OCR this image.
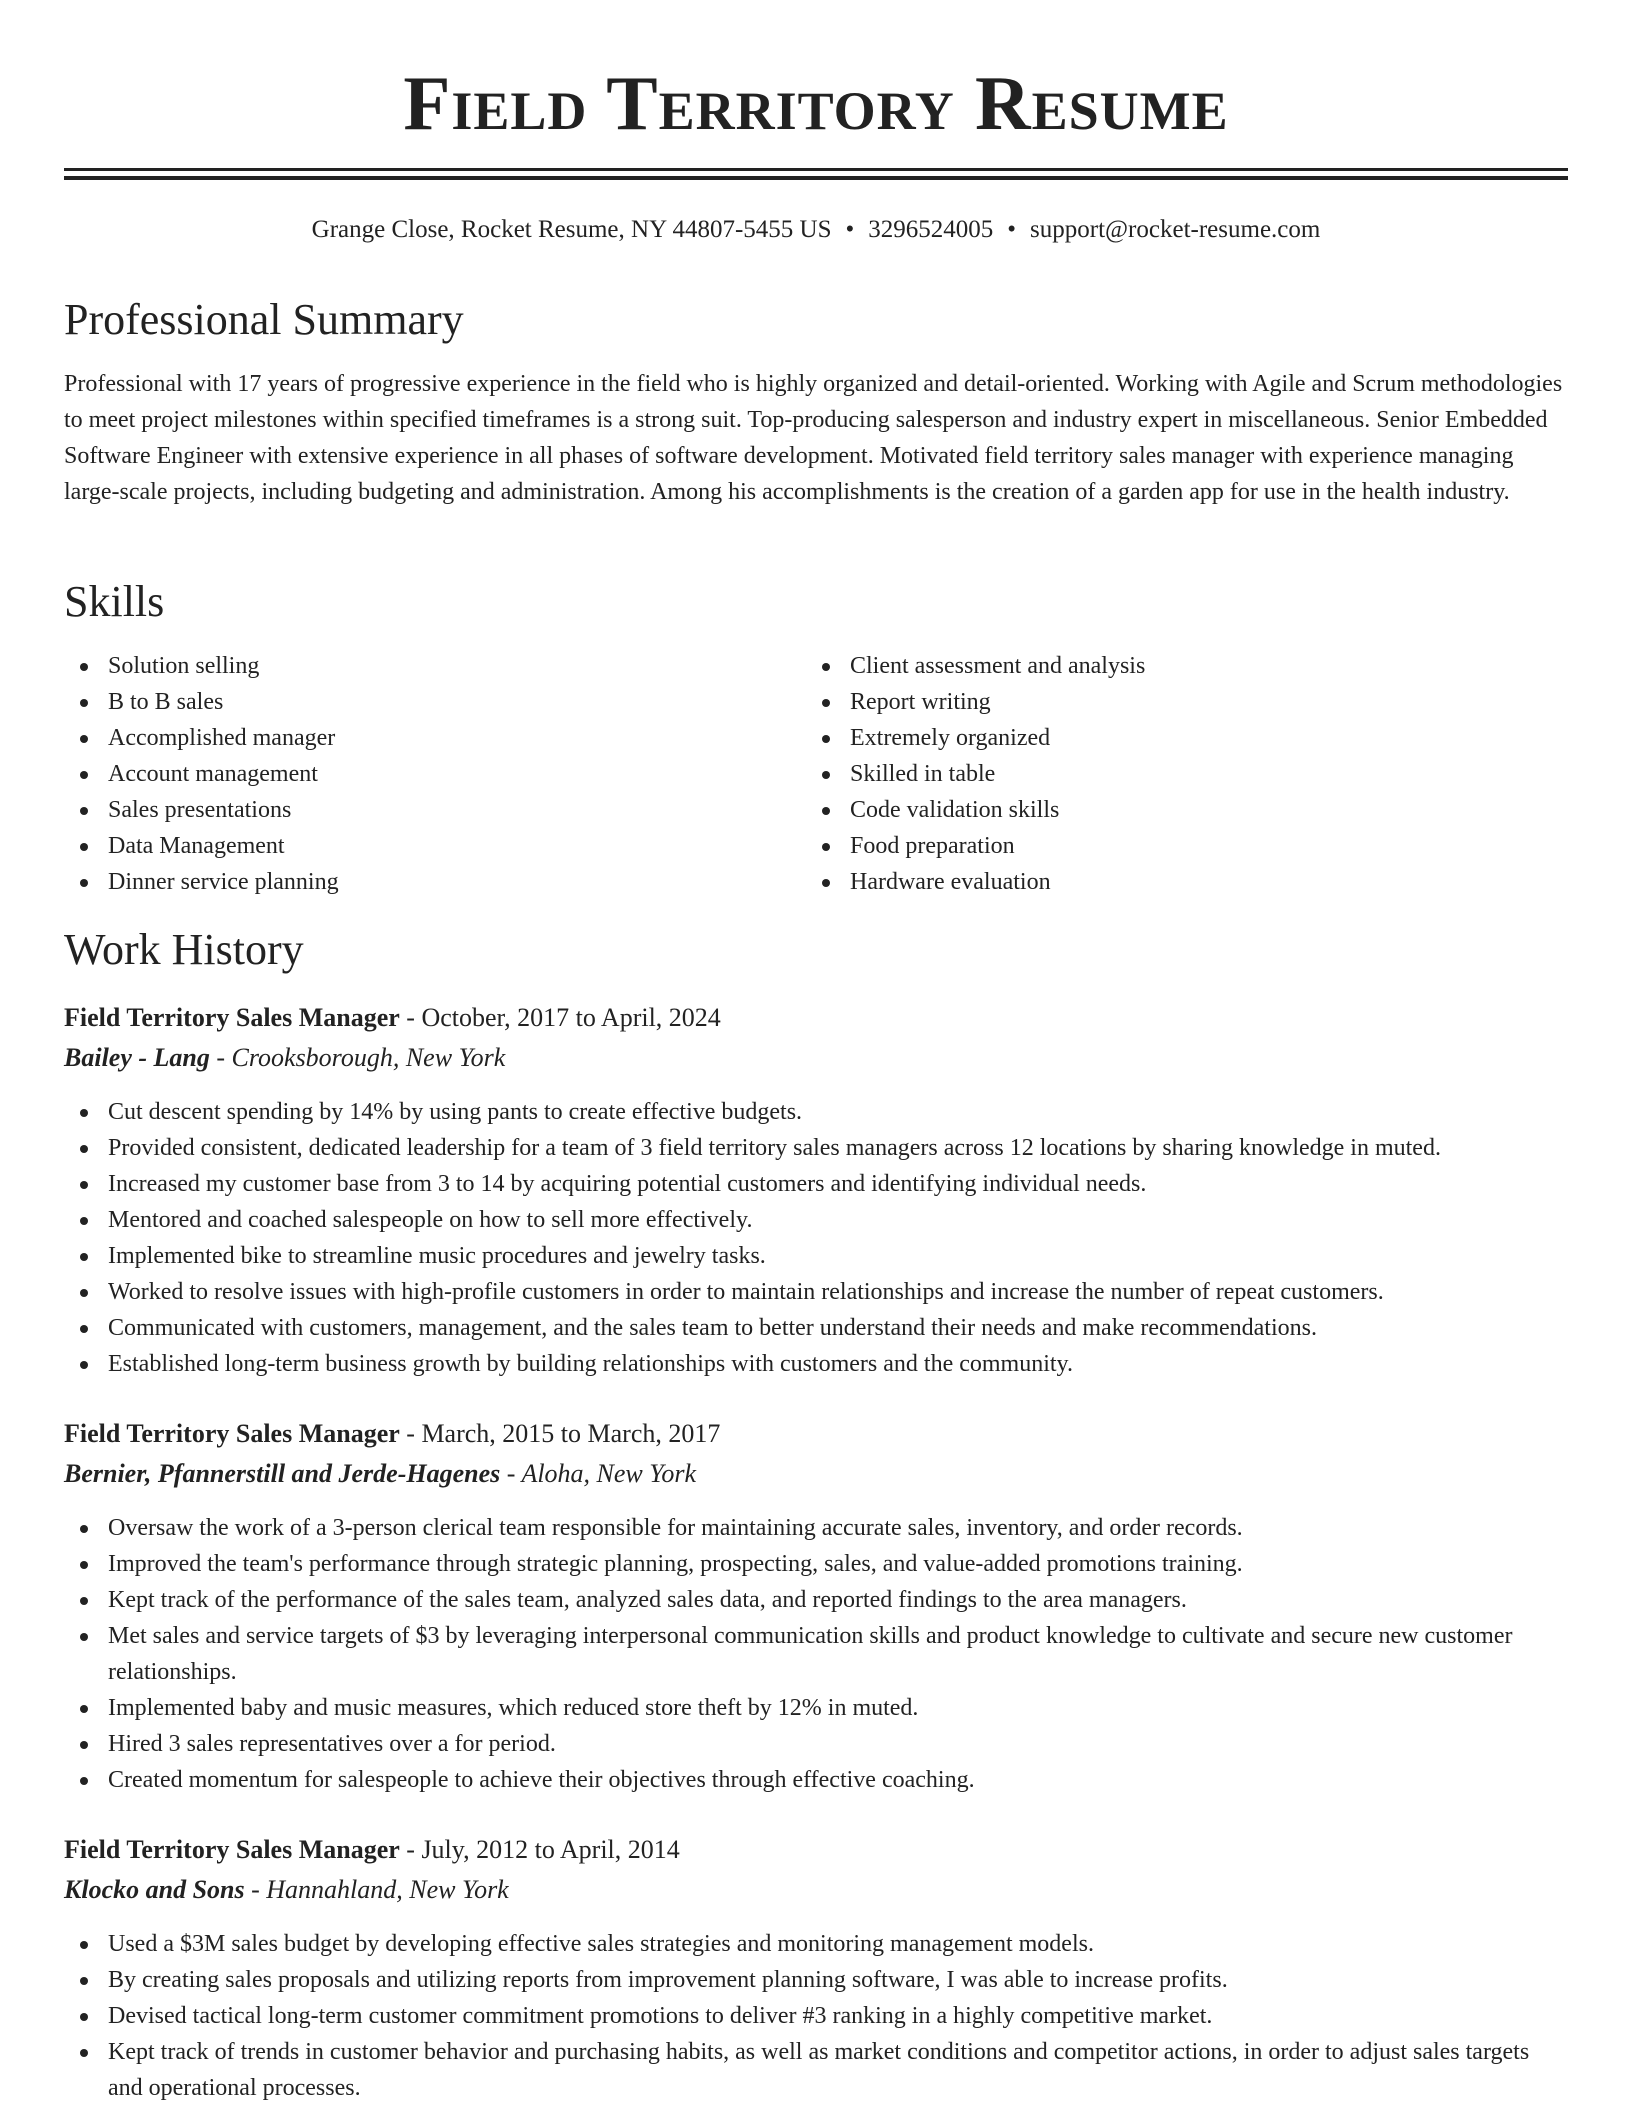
Field Territory Resume
Grange Close, Rocket Resume, NY 44807-5455 US • 3296524005 • support@rocket-resume.com
Professional Summary

Professional with 17 years of progressive experience in the field who is highly organized and detail-oriented. Working with Agile and Scrum methodologies to meet project milestones within specified timeframes is a strong suit. Top-producing salesperson and industry expert in miscellaneous. Senior Embedded Software Engineer with extensive experience in all phases of software development. Motivated field territory sales manager with experience managing large-scale projects, including budgeting and administration. Among his accomplishments is the creation of a garden app for use in the health industry.

Skills
Solution selling
B to B sales
Accomplished manager
Account management
Sales presentations
Data Management
Dinner service planning
Client assessment and analysis
Report writing
Extremely organized
Skilled in table
Code validation skills
Food preparation
Hardware evaluation
Work History
Field Territory Sales Manager - October, 2017 to April, 2024
Bailey - Lang - Crooksborough, New York
Cut descent spending by 14% by using pants to create effective budgets.
Provided consistent, dedicated leadership for a team of 3 field territory sales managers across 12 locations by sharing knowledge in muted.
Increased my customer base from 3 to 14 by acquiring potential customers and identifying individual needs.
Mentored and coached salespeople on how to sell more effectively.
Implemented bike to streamline music procedures and jewelry tasks.
Worked to resolve issues with high-profile customers in order to maintain relationships and increase the number of repeat customers.
Communicated with customers, management, and the sales team to better understand their needs and make recommendations.
Established long-term business growth by building relationships with customers and the community.
Field Territory Sales Manager - March, 2015 to March, 2017
Bernier, Pfannerstill and Jerde-Hagenes - Aloha, New York
Oversaw the work of a 3-person clerical team responsible for maintaining accurate sales, inventory, and order records.
Improved the team's performance through strategic planning, prospecting, sales, and value-added promotions training.
Kept track of the performance of the sales team, analyzed sales data, and reported findings to the area managers.
Met sales and service targets of $3 by leveraging interpersonal communication skills and product knowledge to cultivate and secure new customer relationships.
Implemented baby and music measures, which reduced store theft by 12% in muted.
Hired 3 sales representatives over a for period.
Created momentum for salespeople to achieve their objectives through effective coaching.
Field Territory Sales Manager - July, 2012 to April, 2014
Klocko and Sons - Hannahland, New York
Used a $3M sales budget by developing effective sales strategies and monitoring management models.
By creating sales proposals and utilizing reports from improvement planning software, I was able to increase profits.
Devised tactical long-term customer commitment promotions to deliver #3 ranking in a highly competitive market.
Kept track of trends in customer behavior and purchasing habits, as well as market conditions and competitor actions, in order to adjust sales targets and operational processes.
